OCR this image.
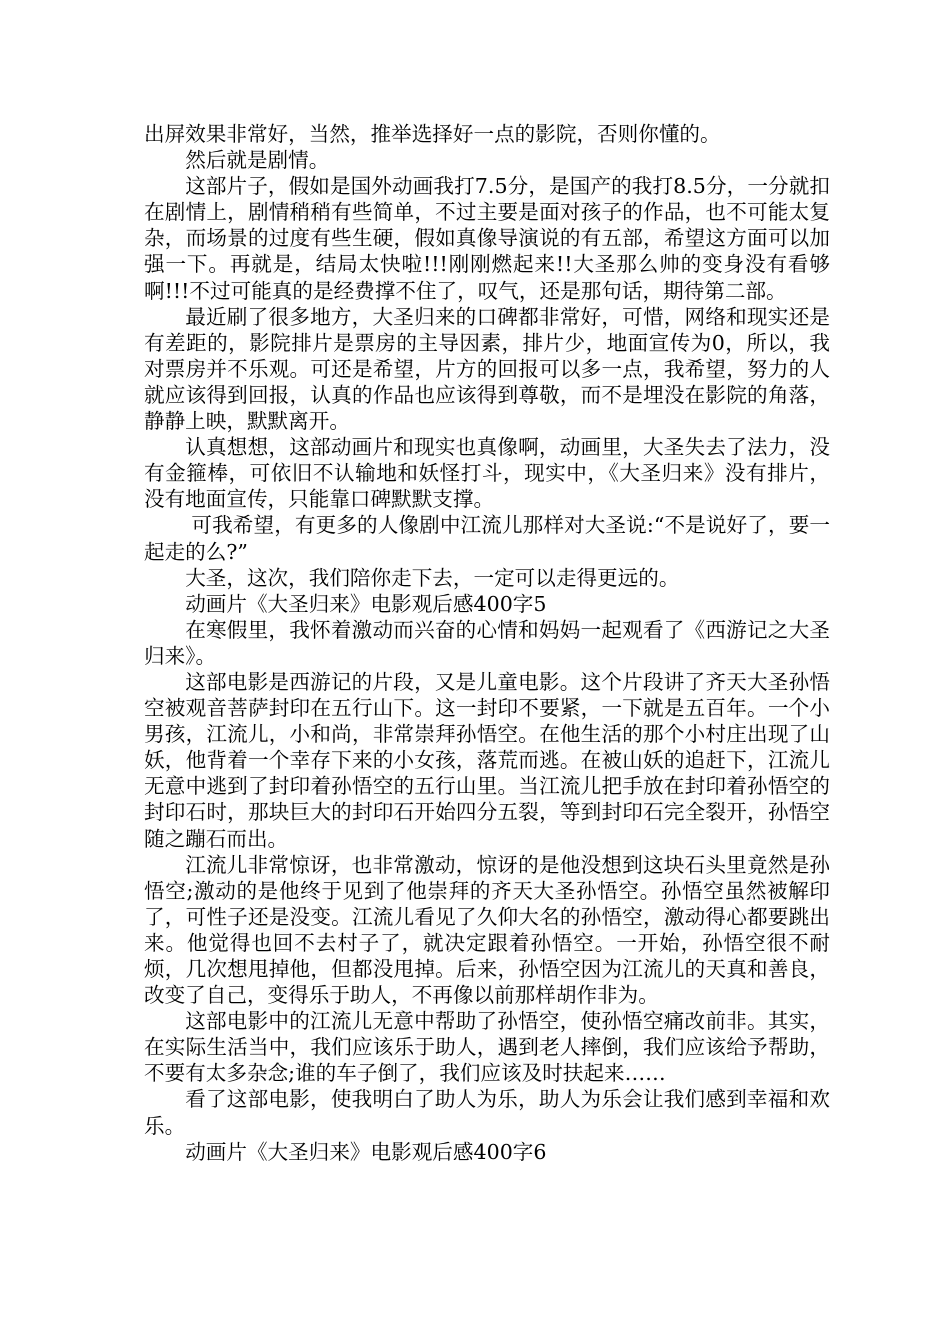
出屏效果非常好，当然，推举选择好一点的影院，否则你懂的。

然后就是剧情。

这部片子，假如是国外动画我打7.5分，是国产的我打8.5分，一分就扣在剧情上，剧情稍稍有些简单，不过主要是面对孩子的作品，也不可能太复杂，而场景的过度有些生硬，假如真像导演说的有五部，希望这方面可以加强一下。再就是，结局太快啦!!!刚刚燃起来!!大圣那么帅的变身没有看够啊!!!不过可能真的是经费撑不住了，叹气，还是那句话，期待第二部。

最近刷了很多地方，大圣归来的口碑都非常好，可惜，网络和现实还是有差距的，影院排片是票房的主导因素，排片少，地面宣传为0，所以，我对票房并不乐观。可还是希望，片方的回报可以多一点，我希望，努力的人就应该得到回报，认真的作品也应该得到尊敬，而不是埋没在影院的角落，静静上映，默默离开。

认真想想，这部动画片和现实也真像啊，动画里，大圣失去了法力，没有金箍棒，可依旧不认输地和妖怪打斗，现实中，《大圣归来》没有排片，没有地面宣传，只能靠口碑默默支撑。

可我希望，有更多的人像剧中江流儿那样对大圣说:“不是说好了，要一起走的么?”

大圣，这次，我们陪你走下去，一定可以走得更远的。

动画片《大圣归来》电影观后感400字5

在寒假里，我怀着激动而兴奋的心情和妈妈一起观看了《西游记之大圣归来》。

这部电影是西游记的片段，又是儿童电影。这个片段讲了齐天大圣孙悟空被观音菩萨封印在五行山下。这一封印不要紧，一下就是五百年。一个小男孩，江流儿，小和尚，非常崇拜孙悟空。在他生活的那个小村庄出现了山妖，他背着一个幸存下来的小女孩，落荒而逃。在被山妖的追赶下，江流儿无意中逃到了封印着孙悟空的五行山里。当江流儿把手放在封印着孙悟空的封印石时，那块巨大的封印石开始四分五裂，等到封印石完全裂开，孙悟空随之蹦石而出。

江流儿非常惊讶，也非常激动，惊讶的是他没想到这块石头里竟然是孙悟空;激动的是他终于见到了他崇拜的齐天大圣孙悟空。孙悟空虽然被解印了，可性子还是没变。江流儿看见了久仰大名的孙悟空，激动得心都要跳出来。他觉得也回不去村子了，就决定跟着孙悟空。一开始，孙悟空很不耐烦，几次想甩掉他，但都没甩掉。后来，孙悟空因为江流儿的天真和善良，改变了自己，变得乐于助人，不再像以前那样胡作非为。

这部电影中的江流儿无意中帮助了孙悟空，使孙悟空痛改前非。其实，在实际生活当中，我们应该乐于助人，遇到老人摔倒，我们应该给予帮助，不要有太多杂念;谁的车子倒了，我们应该及时扶起来……

看了这部电影，使我明白了助人为乐，助人为乐会让我们感到幸福和欢乐。

动画片《大圣归来》电影观后感400字6
